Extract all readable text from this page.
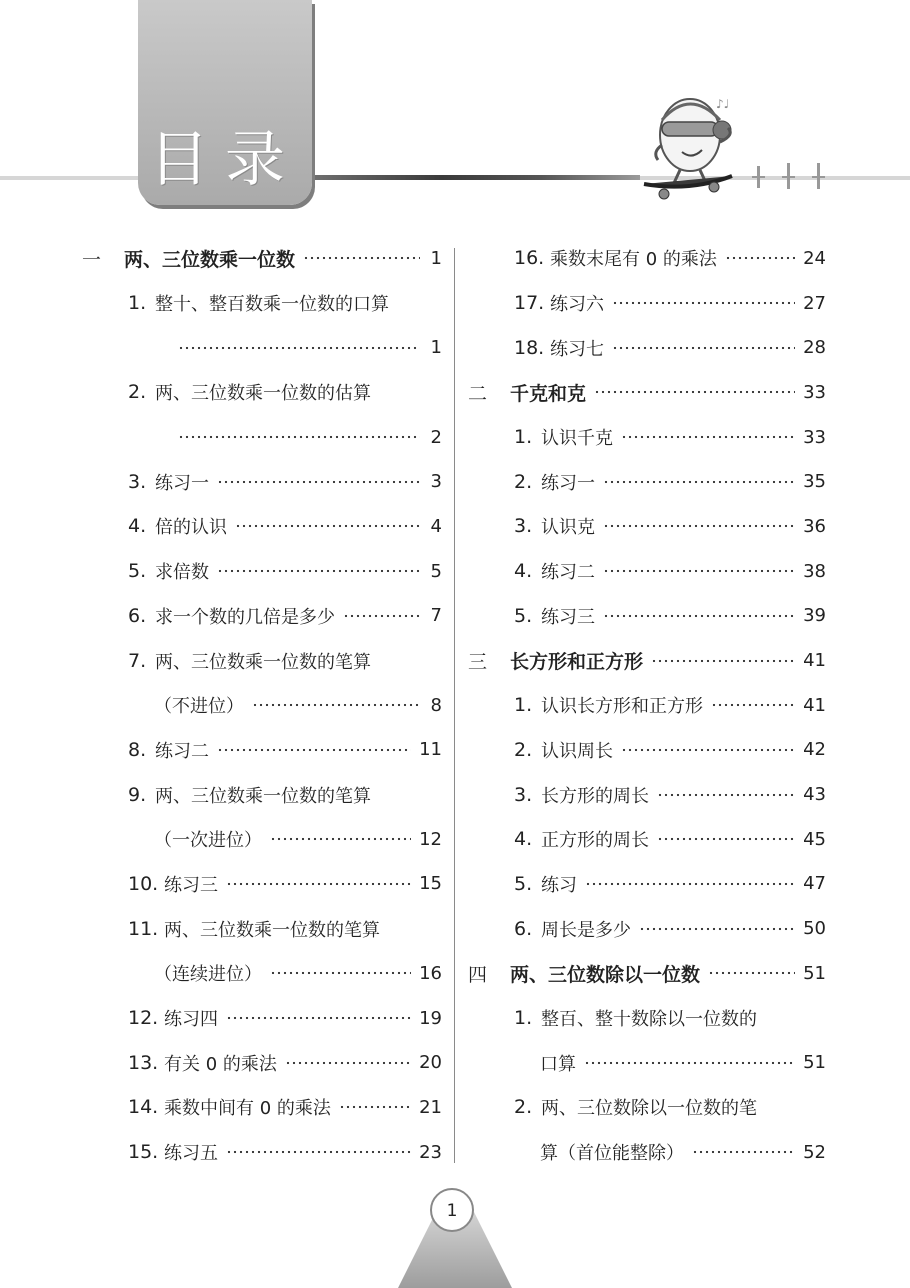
目录
♪♩
一	两、三位数乘一位数	1
1. 整十、整百数乘一位数的口算
1
2. 两、三位数乘一位数的估算
2
3. 练习一	3
4. 倍的认识	4
5. 求倍数	5
6. 求一个数的几倍是多少	7
7. 两、三位数乘一位数的笔算
（不进位）	8
8. 练习二	11
9. 两、三位数乘一位数的笔算
（一次进位）	12
10. 练习三	15
11. 两、三位数乘一位数的笔算
（连续进位）	16
12. 练习四	19
13. 有关 0 的乘法	20
14. 乘数中间有 0 的乘法	21
15. 练习五	23
16. 乘数末尾有 0 的乘法	24
17. 练习六	27
18. 练习七	28
二	千克和克	33
1. 认识千克	33
2. 练习一	35
3. 认识克	36
4. 练习二	38
5. 练习三	39
三	长方形和正方形	41
1. 认识长方形和正方形	41
2. 认识周长	42
3. 长方形的周长	43
4. 正方形的周长	45
5. 练习	47
6. 周长是多少	50
四	两、三位数除以一位数	51
1. 整百、整十数除以一位数的
口算	51
2. 两、三位数除以一位数的笔
算（首位能整除）	52
1
